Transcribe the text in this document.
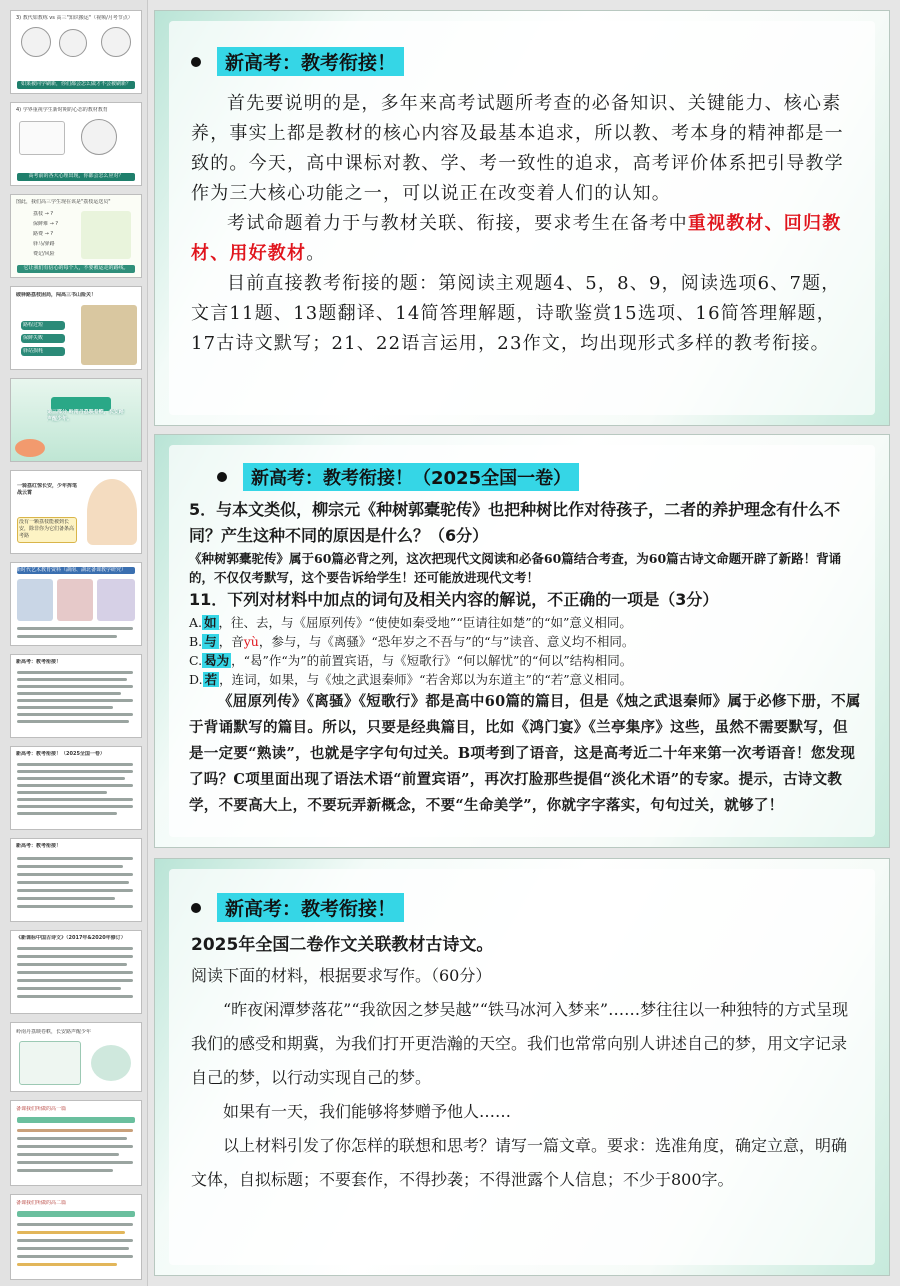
3) 教代如教练 vs 高三"知识搬运"（视频/月考节点）
如果被同学刷新，你们都会怎么做才不会被刷新？
4) 学界重视学生新时期的心态的教材教育
高考前的各大心理出现，你都会怎么应对？
图此，我们高三学生现在该是"荔枝运送员"
荔枝 → ?
保鲜难 → ?
路费 → ?
驿马/驿路
费记/风险
它让我们有信心的每个人，不要被运走的路线。
破驿路荔枝困局，闯高三书山险关！
路程过短
保鲜失败
驿站损耗
第三部分 岭南丹荔映卷帙，长安路声醒少年。
一骑荔红惊长安，少年挥笔战云霄
没有一颗荔枝能被到长安，除非你为它们备条高考路
新时代艺术教育资料（湖南、湖北备课教学研究）
新高考：教考衔接！
新高考：教考衔接！（2025全国一卷）
新高考：教考衔接！
《新课标中国古诗文》（2017年&2020年修订）
岭南丹荔映卷帙，长安路声醒少年
备课我们所做的高一篇
备课我们所做的高二篇
新高考：教考衔接！

首先要说明的是，多年来高考试题所考查的必备知识、关键能力、核心素养，事实上都是教材的核心内容及最基本追求，所以教、考本身的精神都是一致的。今天，高中课标对教、学、考一致性的追求，高考评价体系把引导教学作为三大核心功能之一，可以说正在改变着人们的认知。

考试命题着力于与教材关联、衔接，要求考生在备考中重视教材、回归教材、用好教材。

目前直接教考衔接的题：第阅读主观题4、5，8、9，阅读选项6、7题，文言11题、13题翻译、14简答理解题，诗歌鉴赏15选项、16简答理解题，17古诗文默写；21、22语言运用，23作文，均出现形式多样的教考衔接。

新高考：教考衔接！（2025全国一卷）

5．与本文类似，柳宗元《种树郭橐驼传》也把种树比作对待孩子，二者的养护理念有什么不同？产生这种不同的原因是什么？（6分）

《种树郭橐驼传》属于60篇必背之列，这次把现代文阅读和必备60篇结合考查，为60篇古诗文命题开辟了新路！背诵的，不仅仅考默写，这个要告诉给学生！还可能放进现代文考！

11．下列对材料中加点的词句及相关内容的解说，不正确的一项是（3分）

A. 如 ，往、去，与《屈原列传》“使使如秦受地”“臣请往如楚”的“如”意义相同。

B. 与 ，音yù，参与，与《离骚》“恐年岁之不吾与”的“与”读音、意义均不相同。

C. 曷为 ，“曷”作“为”的前置宾语，与《短歌行》“何以解忧”的“何以”结构相同。

D. 若 ，连词，如果，与《烛之武退秦师》“若舍郑以为东道主”的“若”意义相同。

《屈原列传》《离骚》《短歌行》都是高中60篇的篇目，但是《烛之武退秦师》属于必修下册，不属于背诵默写的篇目。所以，只要是经典篇目，比如《鸿门宴》《兰亭集序》这些，虽然不需要默写，但是一定要“熟读”，也就是字字句句过关。B项考到了语音，这是高考近二十年来第一次考语音！您发现了吗？C项里面出现了语法术语“前置宾语”，再次打脸那些提倡“淡化术语”的专家。提示，古诗文教学，不要高大上，不要玩弄新概念，不要“生命美学”，你就字字落实，句句过关，就够了！

新高考：教考衔接！

2025年全国二卷作文关联教材古诗文。

阅读下面的材料，根据要求写作。（60分）

“昨夜闲潭梦落花”“我欲因之梦吴越”“铁马冰河入梦来”……梦往往以一种独特的方式呈现我们的感受和期冀，为我们打开更浩瀚的天空。我们也常常向别人讲述自己的梦，用文字记录自己的梦，以行动实现自己的梦。

如果有一天，我们能够将梦赠予他人……

以上材料引发了你怎样的联想和思考？请写一篇文章。要求：选准角度，确定立意，明确文体，自拟标题；不要套作，不得抄袭；不得泄露个人信息；不少于800字。
